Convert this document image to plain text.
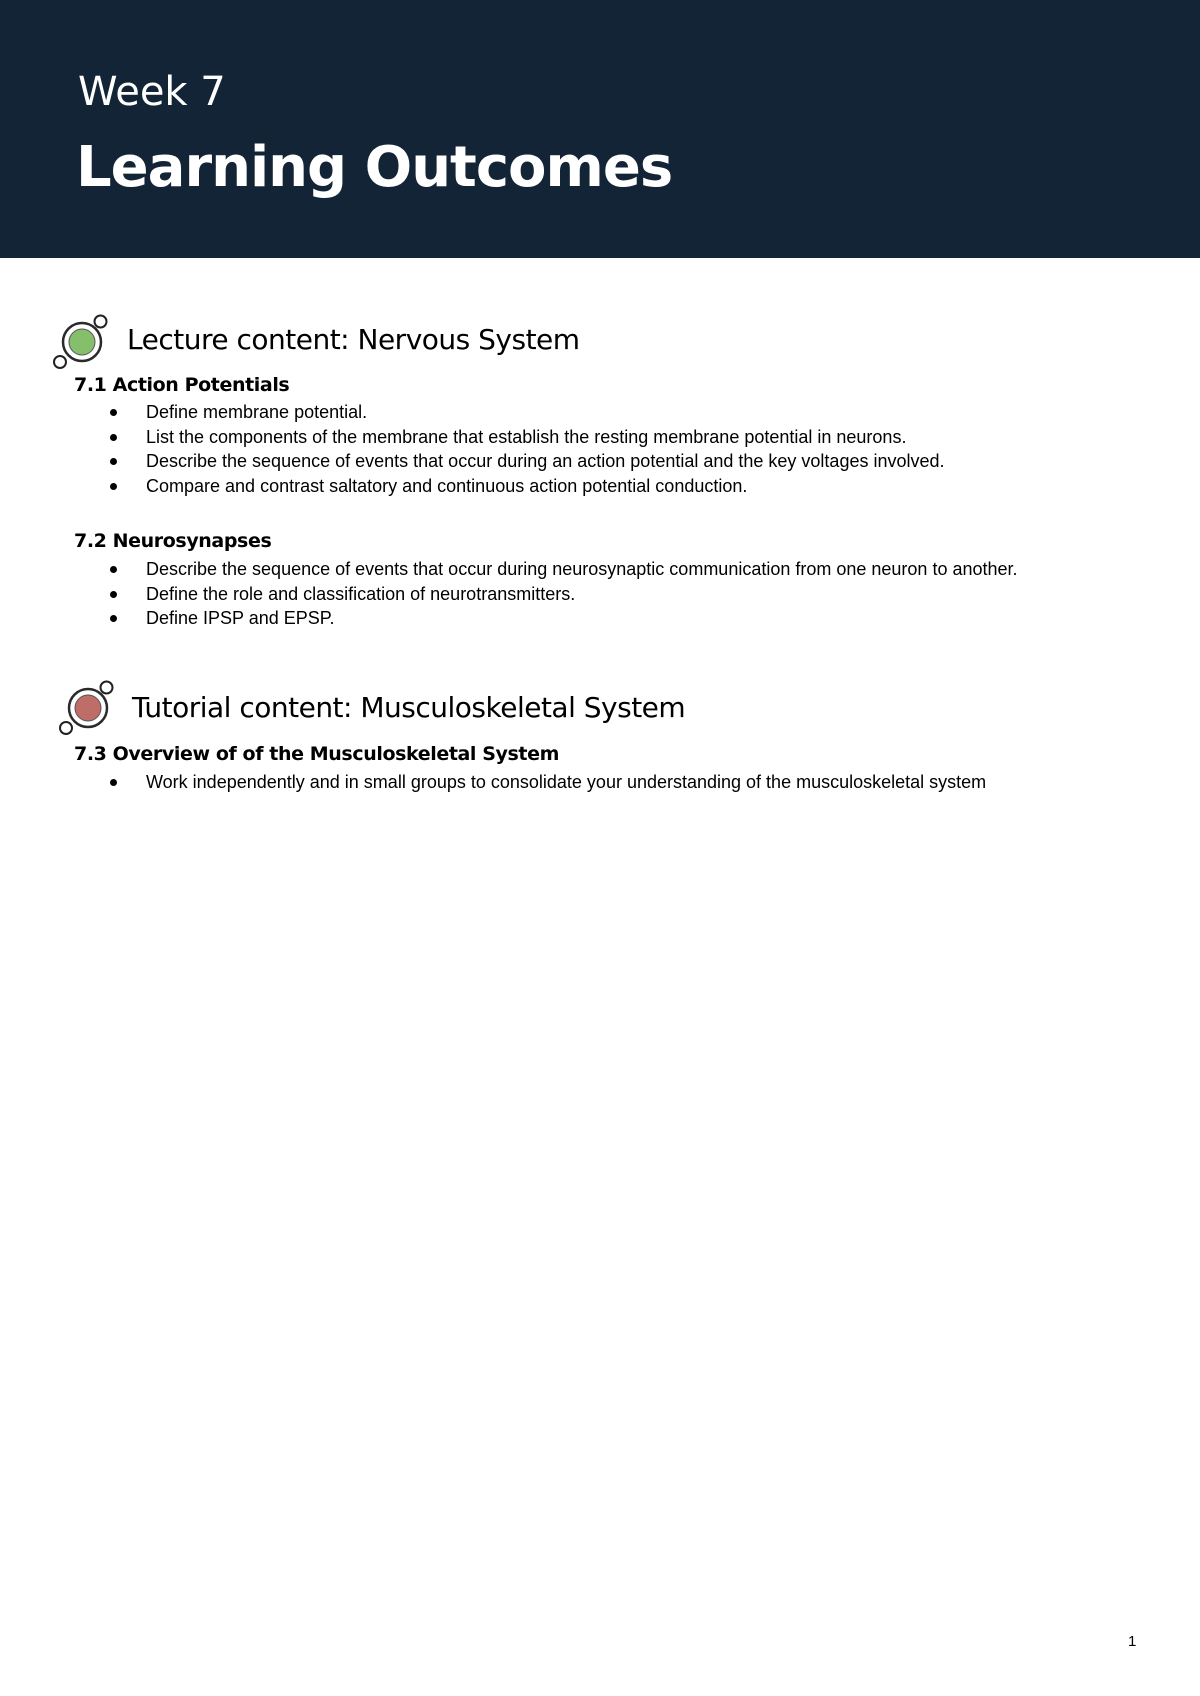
Week 7
Learning Outcomes
Lecture content: Nervous System
7.1 Action Potentials
Define membrane potential.
List the components of the membrane that establish the resting membrane potential in neurons.
Describe the sequence of events that occur during an action potential and the key voltages involved.
Compare and contrast saltatory and continuous action potential conduction.
7.2 Neurosynapses
Describe the sequence of events that occur during neurosynaptic communication from one neuron to another.
Define the role and classification of neurotransmitters.
Define IPSP and EPSP.
Tutorial content: Musculoskeletal System
7.3 Overview of of the Musculoskeletal System
Work independently and in small groups to consolidate your understanding of the musculoskeletal system
1
